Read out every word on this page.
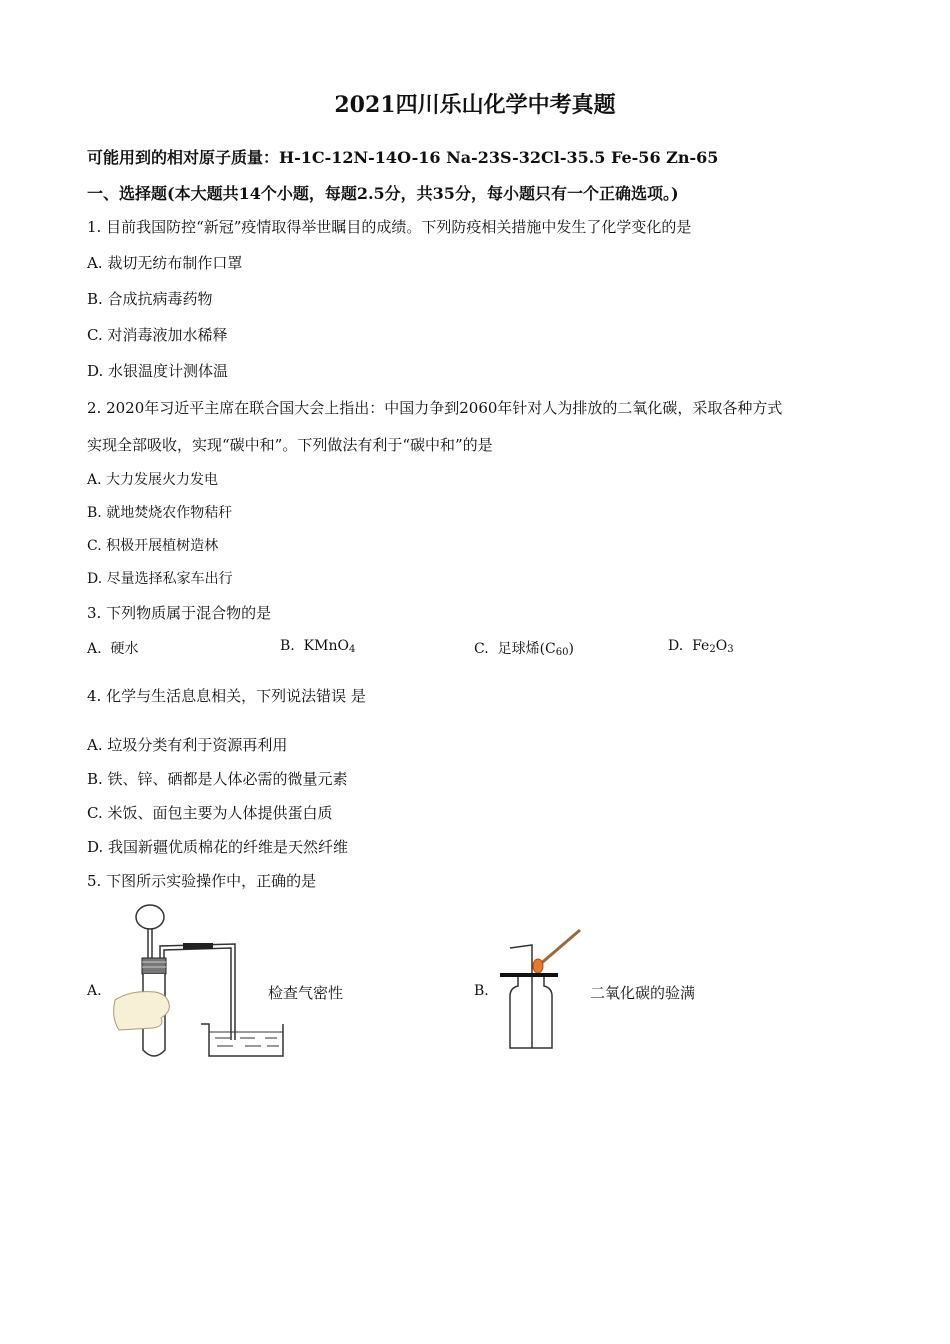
2021四川乐山化学中考真题
可能用到的相对原子质量：H-1C-12N-14O-16 Na-23S-32Cl-35.5 Fe-56 Zn-65
一、选择题(本大题共14个小题，每题2.5分，共35分，每小题只有一个正确选项。)
1. 目前我国防控“新冠”疫情取得举世瞩目的成绩。下列防疫相关措施中发生了化学变化的是
A. 裁切无纺布制作口罩
B. 合成抗病毒药物
C. 对消毒液加水稀释
D. 水银温度计测体温
2. 2020年习近平主席在联合国大会上指出：中国力争到2060年针对人为排放的二氧化碳，采取各种方式
实现全部吸收，实现“碳中和”。下列做法有利于“碳中和”的是
A. 大力发展火力发电
B. 就地焚烧农作物秸秆
C. 积极开展植树造林
D. 尽量选择私家车出行
3. 下列物质属于混合物的是
A. 硬水	B. KMnO$_4$	C. 足球烯$(C_{60})$	D. $Fe_2O_3$
4. 化学与生活息息相关，下列说法错误 是
A. 垃圾分类有利于资源再利用
B. 铁、锌、硒都是人体必需的微量元素
C. 米饭、面包主要为人体提供蛋白质
D. 我国新疆优质棉花的纤维是天然纤维
5. 下图所示实验操作中，正确的是
A.	检查气密性	B.	二氧化碳的验满
